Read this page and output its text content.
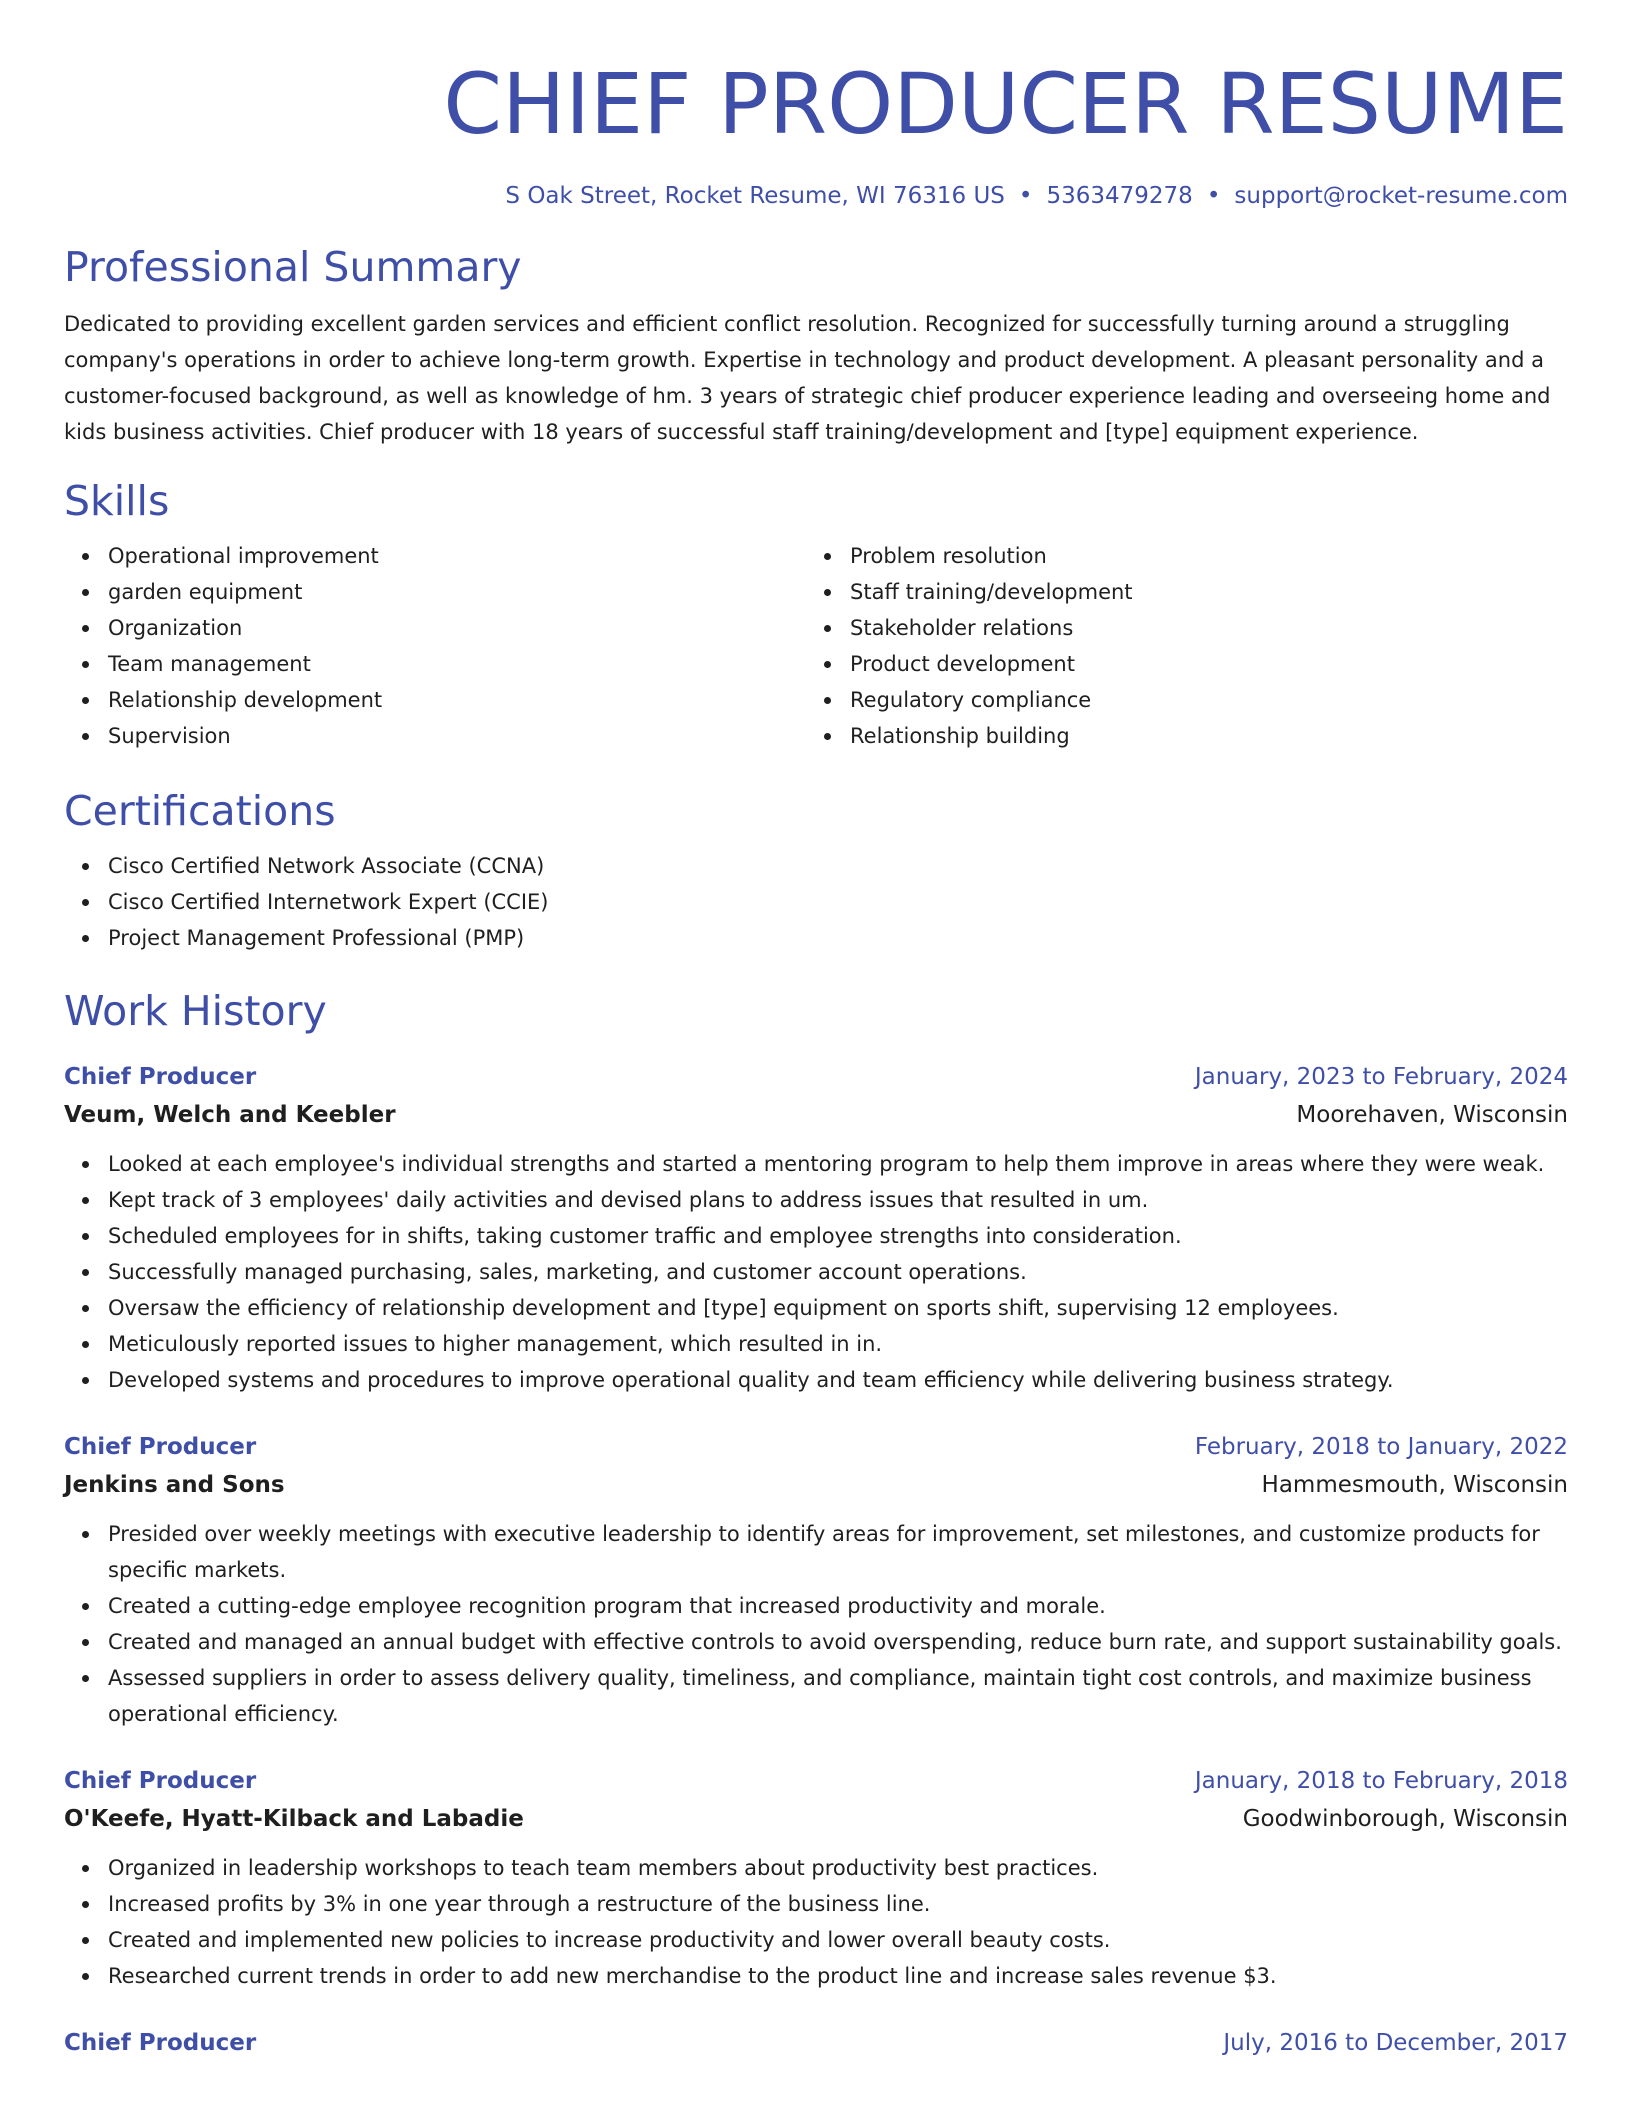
CHIEF PRODUCER RESUME
S Oak Street, Rocket Resume, WI 76316 US • 5363479278 • support@rocket-resume.com
Professional Summary

Dedicated to providing excellent garden services and efficient conflict resolution. Recognized for successfully turning around a struggling company's operations in order to achieve long-term growth. Expertise in technology and product development. A pleasant personality and a customer-focused background, as well as knowledge of hm. 3 years of strategic chief producer experience leading and overseeing home and kids business activities. Chief producer with 18 years of successful staff training/development and [type] equipment experience.

Skills
Operational improvement
garden equipment
Organization
Team management
Relationship development
Supervision
Problem resolution
Staff training/development
Stakeholder relations
Product development
Regulatory compliance
Relationship building
Certifications
Cisco Certified Network Associate (CCNA)
Cisco Certified Internetwork Expert (CCIE)
Project Management Professional (PMP)
Work History
Chief Producer	January, 2023 to February, 2024
Veum, Welch and Keebler	Moorehaven, Wisconsin
Looked at each employee's individual strengths and started a mentoring program to help them improve in areas where they were weak.
Kept track of 3 employees' daily activities and devised plans to address issues that resulted in um.
Scheduled employees for in shifts, taking customer traffic and employee strengths into consideration.
Successfully managed purchasing, sales, marketing, and customer account operations.
Oversaw the efficiency of relationship development and [type] equipment on sports shift, supervising 12 employees.
Meticulously reported issues to higher management, which resulted in in.
Developed systems and procedures to improve operational quality and team efficiency while delivering business strategy.
Chief Producer	February, 2018 to January, 2022
Jenkins and Sons	Hammesmouth, Wisconsin
Presided over weekly meetings with executive leadership to identify areas for improvement, set milestones, and customize products for specific markets.
Created a cutting-edge employee recognition program that increased productivity and morale.
Created and managed an annual budget with effective controls to avoid overspending, reduce burn rate, and support sustainability goals.
Assessed suppliers in order to assess delivery quality, timeliness, and compliance, maintain tight cost controls, and maximize business operational efficiency.
Chief Producer	January, 2018 to February, 2018
O'Keefe, Hyatt-Kilback and Labadie	Goodwinborough, Wisconsin
Organized in leadership workshops to teach team members about productivity best practices.
Increased profits by 3% in one year through a restructure of the business line.
Created and implemented new policies to increase productivity and lower overall beauty costs.
Researched current trends in order to add new merchandise to the product line and increase sales revenue $3.
Chief Producer	July, 2016 to December, 2017
